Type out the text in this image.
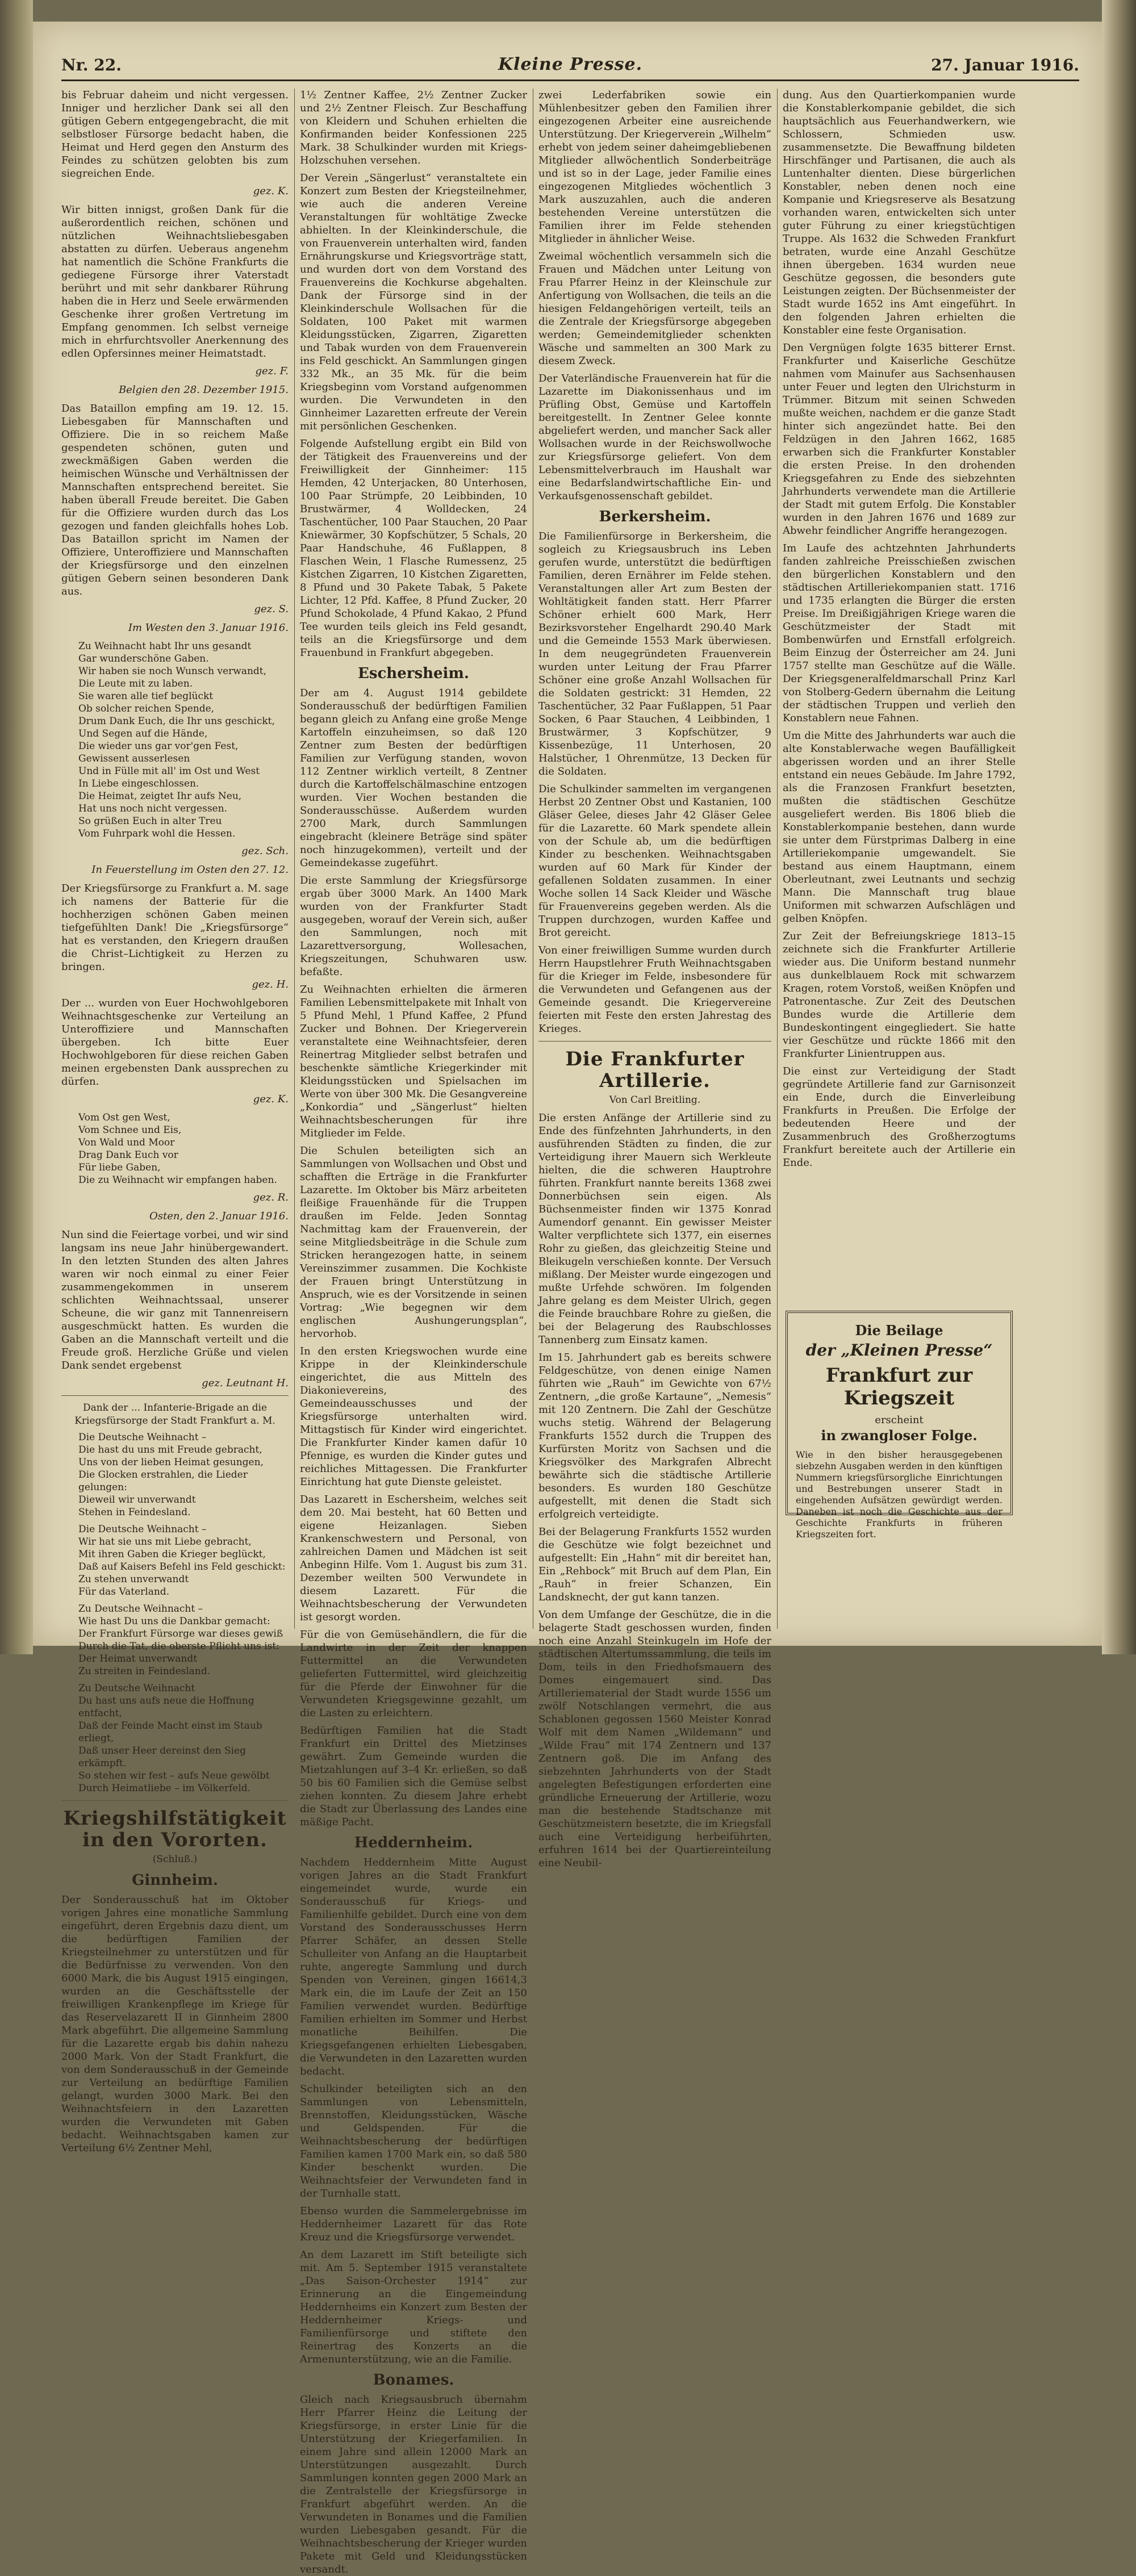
Nr. 22.	Kleine Presse.	27. Januar 1916.

bis Februar daheim und nicht vergessen. Inniger und herzlicher Dank sei all den gütigen Gebern entgegengebracht, die mit selbstloser Fürsorge bedacht haben, die Heimat und Herd gegen den Ansturm des Feindes zu schützen gelobten bis zum siegreichen Ende.

gez. K.

Wir bitten innigst, großen Dank für die außerordentlich reichen, schönen und nützlichen Weihnachtsliebesgaben abstatten zu dürfen. Ueberaus angenehm hat namentlich die Schöne Frankfurts die gediegene Fürsorge ihrer Vaterstadt berührt und mit sehr dankbarer Rührung haben die in Herz und Seele erwärmenden Geschenke ihrer großen Vertretung im Empfang genommen. Ich selbst verneige mich in ehrfurchtsvoller Anerkennung des edlen Opfersinnes meiner Heimatstadt.

gez. F.
Belgien den 28. Dezember 1915.

Das Bataillon empfing am 19. 12. 15. Liebesgaben für Mannschaften und Offiziere. Die in so reichem Maße gespendeten schönen, guten und zweckmäßigen Gaben werden die heimischen Wünsche und Verhältnissen der Mannschaften entsprechend bereitet. Sie haben überall Freude bereitet. Die Gaben für die Offiziere wurden durch das Los gezogen und fanden gleichfalls hohes Lob. Das Bataillon spricht im Namen der Offiziere, Unteroffiziere und Mannschaften der Kriegsfürsorge und den einzelnen gütigen Gebern seinen besonderen Dank aus.

gez. S.
Im Westen den 3. Januar 1916.
Zu Weihnacht habt Ihr uns gesandt
Gar wunderschöne Gaben.
Wir haben sie noch Wunsch verwandt,
Die Leute mit zu laben.
Sie waren alle tief beglückt
Ob solcher reichen Spende,
Drum Dank Euch, die Ihr uns geschickt,
Und Segen auf die Hände,
Die wieder uns gar vor'gen Fest,
Gewissent ausserlesen
Und in Fülle mit all' im Ost und West
In Liebe eingeschlossen.
Die Heimat, zeigtet Ihr aufs Neu,
Hat uns noch nicht vergessen.
So grüßen Euch in alter Treu
Vom Fuhrpark wohl die Hessen.
gez. Sch.
In Feuerstellung im Osten den 27. 12.

Der Kriegsfürsorge zu Frankfurt a. M. sage ich namens der Batterie für die hochherzigen schönen Gaben meinen tiefgefühlten Dank! Die „Kriegsfürsorge“ hat es verstanden, den Kriegern draußen die Christ–Lichtigkeit zu Herzen zu bringen.

gez. H.

Der ... wurden von Euer Hochwohlgeboren Weihnachtsgeschenke zur Verteilung an Unteroffiziere und Mannschaften übergeben. Ich bitte Euer Hochwohlgeboren für diese reichen Gaben meinen ergebensten Dank aussprechen zu dürfen.

gez. K.
Vom Ost gen West,
Vom Schnee und Eis,
Von Wald und Moor
Drag Dank Euch vor
Für liebe Gaben,
Die zu Weihnacht wir empfangen haben.
gez. R.
Osten, den 2. Januar 1916.

Nun sind die Feiertage vorbei, und wir sind langsam ins neue Jahr hinübergewandert. In den letzten Stunden des alten Jahres waren wir noch einmal zu einer Feier zusammengekommen in unserem schlichten Weihnachtssaal, unserer Scheune, die wir ganz mit Tannenreisern ausgeschmückt hatten. Es wurden die Gaben an die Mannschaft verteilt und die Freude groß. Herzliche Grüße und vielen Dank sendet ergebenst

gez. Leutnant H.
Dank der ... Infanterie-Brigade an die Kriegsfürsorge der Stadt Frankfurt a. M.
Die Deutsche Weihnacht –
Die hast du uns mit Freude gebracht,
Uns von der lieben Heimat gesungen,
Die Glocken erstrahlen, die Lieder gelungen:
Dieweil wir unverwandt
Stehen in Feindesland.
Die Deutsche Weihnacht –
Wir hat sie uns mit Liebe gebracht,
Mit ihren Gaben die Krieger beglückt,
Daß auf Kaisers Befehl ins Feld geschickt:
Zu stehen unverwandt
Für das Vaterland.
Zu Deutsche Weihnacht –
Wie hast Du uns die Dankbar gemacht:
Der Frankfurt Fürsorge war dieses gewiß
Durch die Tat, die oberste Pflicht uns ist:
Der Heimat unverwandt
Zu streiten in Feindesland.
Zu Deutsche Weihnacht
Du hast uns aufs neue die Hoffnung entfacht,
Daß der Feinde Macht einst im Staub erliegt,
Daß unser Heer dereinst den Sieg erkämpft.
So stehen wir fest – aufs Neue gewölbt
Durch Heimatliebe – im Völkerfeld.
Kriegshilfstätigkeit in den Vororten.
(Schluß.)
Ginnheim.

Der Sonderausschuß hat im Oktober vorigen Jahres eine monatliche Sammlung eingeführt, deren Ergebnis dazu dient, um die bedürftigen Familien der Kriegsteilnehmer zu unterstützen und für die Bedürfnisse zu verwenden. Von den 6000 Mark, die bis August 1915 eingingen, wurden an die Geschäftsstelle der freiwilligen Krankenpflege im Kriege für das Reservelazarett II in Ginnheim 2800 Mark abgeführt. Die allgemeine Sammlung für die Lazarette ergab bis dahin nahezu 2000 Mark. Von der Stadt Frankfurt, die von dem Sonderausschuß in der Gemeinde zur Verteilung an bedürftige Familien gelangt, wurden 3000 Mark. Bei den Weihnachtsfeiern in den Lazaretten wurden die Verwundeten mit Gaben bedacht. Weihnachtsgaben kamen zur Verteilung 6½ Zentner Mehl,

1½ Zentner Kaffee, 2½ Zentner Zucker und 2½ Zentner Fleisch. Zur Beschaffung von Kleidern und Schuhen erhielten die Konfirmanden beider Konfessionen 225 Mark. 38 Schulkinder wurden mit Kriegs-Holzschuhen versehen.

Der Verein „Sängerlust“ veranstaltete ein Konzert zum Besten der Kriegsteilnehmer, wie auch die anderen Vereine Veranstaltungen für wohltätige Zwecke abhielten. In der Kleinkinderschule, die von Frauenverein unterhalten wird, fanden Ernährungskurse und Kriegsvorträge statt, und wurden dort von dem Vorstand des Frauenvereins die Kochkurse abgehalten. Dank der Fürsorge sind in der Kleinkinderschule Wollsachen für die Soldaten, 100 Paket mit warmen Kleidungsstücken, Zigarren, Zigaretten und Tabak wurden von dem Frauenverein ins Feld geschickt. An Sammlungen gingen 332 Mk., an 35 Mk. für die beim Kriegsbeginn vom Vorstand aufgenommen wurden. Die Verwundeten in den Ginnheimer Lazaretten erfreute der Verein mit persönlichen Geschenken.

Folgende Aufstellung ergibt ein Bild von der Tätigkeit des Frauenvereins und der Freiwilligkeit der Ginnheimer: 115 Hemden, 42 Unterjacken, 80 Unterhosen, 100 Paar Strümpfe, 20 Leibbinden, 10 Brustwärmer, 4 Wolldecken, 24 Taschentücher, 100 Paar Stauchen, 20 Paar Kniewärmer, 30 Kopfschützer, 5 Schals, 20 Paar Handschuhe, 46 Fußlappen, 8 Flaschen Wein, 1 Flasche Rumessenz, 25 Kistchen Zigarren, 10 Kistchen Zigaretten, 8 Pfund und 30 Pakete Tabak, 5 Pakete Lichter, 12 Pfd. Kaffee, 8 Pfund Zucker, 20 Pfund Schokolade, 4 Pfund Kakao, 2 Pfund Tee wurden teils gleich ins Feld gesandt, teils an die Kriegsfürsorge und dem Frauenbund in Frankfurt abgegeben.

Eschersheim.

Der am 4. August 1914 gebildete Sonderausschuß der bedürftigen Familien begann gleich zu Anfang eine große Menge Kartoffeln einzuheimsen, so daß 120 Zentner zum Besten der bedürftigen Familien zur Verfügung standen, wovon 112 Zentner wirklich verteilt, 8 Zentner durch die Kartoffelschälmaschine entzogen wurden. Vier Wochen bestanden die Sonderausschüsse. Außerdem wurden 2700 Mark, durch Sammlungen eingebracht (kleinere Beträge sind später noch hinzugekommen), verteilt und der Gemeindekasse zugeführt.

Die erste Sammlung der Kriegsfürsorge ergab über 3000 Mark. An 1400 Mark wurden von der Frankfurter Stadt ausgegeben, worauf der Verein sich, außer den Sammlungen, noch mit Lazarettversorgung, Wollesachen, Kriegszeitungen, Schuhwaren usw. befaßte.

Zu Weihnachten erhielten die ärmeren Familien Lebensmittelpakete mit Inhalt von 5 Pfund Mehl, 1 Pfund Kaffee, 2 Pfund Zucker und Bohnen. Der Kriegerverein veranstaltete eine Weihnachtsfeier, deren Reinertrag Mitglieder selbst betrafen und beschenkte sämtliche Kriegerkinder mit Kleidungsstücken und Spielsachen im Werte von über 300 Mk. Die Gesangvereine „Konkordia“ und „Sängerlust“ hielten Weihnachtsbescherungen für ihre Mitglieder im Felde.

Die Schulen beteiligten sich an Sammlungen von Wollsachen und Obst und schafften die Erträge in die Frankfurter Lazarette. Im Oktober bis März arbeiteten fleißige Frauenhände für die Truppen draußen im Felde. Jeden Sonntag Nachmittag kam der Frauenverein, der seine Mitgliedsbeiträge in die Schule zum Stricken herangezogen hatte, in seinem Vereinszimmer zusammen. Die Kochkiste der Frauen bringt Unterstützung in Anspruch, wie es der Vorsitzende in seinen Vortrag: „Wie begegnen wir dem englischen Aushungerungsplan“, hervorhob.

In den ersten Kriegswochen wurde eine Krippe in der Kleinkinderschule eingerichtet, die aus Mitteln des Diakonievereins, des Gemeindeausschusses und der Kriegsfürsorge unterhalten wird. Mittagstisch für Kinder wird eingerichtet. Die Frankfurter Kinder kamen dafür 10 Pfennige, es wurden die Kinder gutes und reichliches Mittagessen. Die Frankfurter Einrichtung hat gute Dienste geleistet.

Das Lazarett in Eschersheim, welches seit dem 20. Mai besteht, hat 60 Betten und eigene Heizanlagen. Sieben Krankenschwestern und Personal, von zahlreichen Damen und Mädchen ist seit Anbeginn Hilfe. Vom 1. August bis zum 31. Dezember weilten 500 Verwundete in diesem Lazarett. Für die Weihnachtsbescherung der Verwundeten ist gesorgt worden.

Für die von Gemüsehändlern, die für die Landwirte in der Zeit der knappen Futtermittel an die Verwundeten gelieferten Futtermittel, wird gleichzeitig für die Pferde der Einwohner für die Verwundeten Kriegsgewinne gezahlt, um die Lasten zu erleichtern.

Bedürftigen Familien hat die Stadt Frankfurt ein Drittel des Mietzinses gewährt. Zum Gemeinde wurden die Mietzahlungen auf 3–4 Kr. erließen, so daß 50 bis 60 Familien sich die Gemüse selbst ziehen konnten. Zu diesem Jahre erhebt die Stadt zur Überlassung des Landes eine mäßige Pacht.

Heddernheim.

Nachdem Heddernheim Mitte August vorigen Jahres an die Stadt Frankfurt eingemeindet wurde, wurde ein Sonderausschuß für Kriegs- und Familienhilfe gebildet. Durch eine von dem Vorstand des Sonderausschusses Herrn Pfarrer Schäfer, an dessen Stelle Schulleiter von Anfang an die Hauptarbeit ruhte, angeregte Sammlung und durch Spenden von Vereinen, gingen 16614,3 Mark ein, die im Laufe der Zeit an 150 Familien verwendet wurden. Bedürftige Familien erhielten im Sommer und Herbst monatliche Beihilfen. Die Kriegsgefangenen erhielten Liebesgaben, die Verwundeten in den Lazaretten wurden bedacht.

Schulkinder beteiligten sich an den Sammlungen von Lebensmitteln, Brennstoffen, Kleidungsstücken, Wäsche und Geldspenden. Für die Weihnachtsbescherung der bedürftigen Familien kamen 1700 Mark ein, so daß 580 Kinder beschenkt wurden. Die Weihnachtsfeier der Verwundeten fand in der Turnhalle statt.

Ebenso wurden die Sammelergebnisse im Heddernheimer Lazarett für das Rote Kreuz und die Kriegsfürsorge verwendet.

An dem Lazarett im Stift beteiligte sich mit. Am 5. September 1915 veranstaltete „Das Saison-Orchester 1914“ zur Erinnerung an die Eingemeindung Heddernheims ein Konzert zum Besten der Heddernheimer Kriegs- und Familienfürsorge und stiftete den Reinertrag des Konzerts an die Armenunterstützung, wie an die Familie.

Bonames.

Gleich nach Kriegsausbruch übernahm Herr Pfarrer Heinz die Leitung der Kriegsfürsorge, in erster Linie für die Unterstützung der Kriegerfamilien. In einem Jahre sind allein 12000 Mark an Unterstützungen ausgezahlt. Durch Sammlungen konnten gegen 2000 Mark an die Zentralstelle der Kriegsfürsorge in Frankfurt abgeführt werden. An die Verwundeten in Bonames und die Familien wurden Liebesgaben gesandt. Für die Weihnachtsbescherung der Krieger wurden Pakete mit Geld und Kleidungsstücken versandt.

zwei Lederfabriken sowie ein Mühlenbesitzer geben den Familien ihrer eingezogenen Arbeiter eine ausreichende Unterstützung. Der Kriegerverein „Wilhelm“ erhebt von jedem seiner daheimgebliebenen Mitglieder allwöchentlich Sonderbeiträge und ist so in der Lage, jeder Familie eines eingezogenen Mitgliedes wöchentlich 3 Mark auszuzahlen, auch die anderen bestehenden Vereine unterstützen die Familien ihrer im Felde stehenden Mitglieder in ähnlicher Weise.

Zweimal wöchentlich versammeln sich die Frauen und Mädchen unter Leitung von Frau Pfarrer Heinz in der Kleinschule zur Anfertigung von Wollsachen, die teils an die hiesigen Feldangehörigen verteilt, teils an die Zentrale der Kriegsfürsorge abgegeben werden; Gemeindemitglieder schenkten Wäsche und sammelten an 300 Mark zu diesem Zweck.

Der Vaterländische Frauenverein hat für die Lazarette im Diakonissenhaus und im Prüfling Obst, Gemüse und Kartoffeln bereitgestellt. In Zentner Gelee konnte abgeliefert werden, und mancher Sack aller Wollsachen wurde in der Reichswollwoche zur Kriegsfürsorge geliefert. Von dem Lebensmittelverbrauch im Haushalt war eine Bedarfslandwirtschaftliche Ein- und Verkaufsgenossenschaft gebildet.

Berkersheim.

Die Familienfürsorge in Berkersheim, die sogleich zu Kriegsausbruch ins Leben gerufen wurde, unterstützt die bedürftigen Familien, deren Ernährer im Felde stehen. Veranstaltungen aller Art zum Besten der Wohltätigkeit fanden statt. Herr Pfarrer Schöner erhielt 600 Mark, Herr Bezirksvorsteher Engelhardt 290.40 Mark und die Gemeinde 1553 Mark überwiesen. In dem neugegründeten Frauenverein wurden unter Leitung der Frau Pfarrer Schöner eine große Anzahl Wollsachen für die Soldaten gestrickt: 31 Hemden, 22 Taschentücher, 32 Paar Fußlappen, 51 Paar Socken, 6 Paar Stauchen, 4 Leibbinden, 1 Brustwärmer, 3 Kopfschützer, 9 Kissenbezüge, 11 Unterhosen, 20 Halstücher, 1 Ohrenmütze, 13 Decken für die Soldaten.

Die Schulkinder sammelten im vergangenen Herbst 20 Zentner Obst und Kastanien, 100 Gläser Gelee, dieses Jahr 42 Gläser Gelee für die Lazarette. 60 Mark spendete allein von der Schule ab, um die bedürftigen Kinder zu beschenken. Weihnachtsgaben wurden auf 60 Mark für Kinder der gefallenen Soldaten zusammen. In einer Woche sollen 14 Sack Kleider und Wäsche für Frauenvereins gegeben werden. Als die Truppen durchzogen, wurden Kaffee und Brot gereicht.

Von einer freiwilligen Summe wurden durch Herrn Haupstlehrer Fruth Weihnachtsgaben für die Krieger im Felde, insbesondere für die Verwundeten und Gefangenen aus der Gemeinde gesandt. Die Kriegervereine feierten mit Feste den ersten Jahrestag des Krieges.

Die Frankfurter Artillerie.
Von Carl Breitling.

Die ersten Anfänge der Artillerie sind zu Ende des fünfzehnten Jahrhunderts, in den ausführenden Städten zu finden, die zur Verteidigung ihrer Mauern sich Werkleute hielten, die die schweren Hauptrohre führten. Frankfurt nannte bereits 1368 zwei Donnerbüchsen sein eigen. Als Büchsenmeister finden wir 1375 Konrad Aumendorf genannt. Ein gewisser Meister Walter verpflichtete sich 1377, ein eisernes Rohr zu gießen, das gleichzeitig Steine und Bleikugeln verschießen konnte. Der Versuch mißlang. Der Meister wurde eingezogen und mußte Urfehde schwören. Im folgenden Jahre gelang es dem Meister Ulrich, gegen die Feinde brauchbare Rohre zu gießen, die bei der Belagerung des Raubschlosses Tannenberg zum Einsatz kamen.

Im 15. Jahrhundert gab es bereits schwere Feldgeschütze, von denen einige Namen führten wie „Rauh“ im Gewichte von 67½ Zentnern, „die große Kartaune“, „Nemesis“ mit 120 Zentnern. Die Zahl der Geschütze wuchs stetig. Während der Belagerung Frankfurts 1552 durch die Truppen des Kurfürsten Moritz von Sachsen und die Kriegsvölker des Markgrafen Albrecht bewährte sich die städtische Artillerie besonders. Es wurden 180 Geschütze aufgestellt, mit denen die Stadt sich erfolgreich verteidigte.

Bei der Belagerung Frankfurts 1552 wurden die Geschütze wie folgt bezeichnet und aufgestellt: Ein „Hahn“ mit dir bereitet han, Ein „Rehbock“ mit Bruch auf dem Plan, Ein „Rauh“ in freier Schanzen, Ein Landsknecht, der gut kann tanzen.

Von dem Umfange der Geschütze, die in die belagerte Stadt geschossen wurden, finden noch eine Anzahl Steinkugeln im Hofe der städtischen Altertumssammlung, die teils im Dom, teils in den Friedhofsmauern des Domes eingemauert sind. Das Artilleriematerial der Stadt wurde 1556 um zwölf Notschlangen vermehrt, die aus Schablonen gegossen 1560 Meister Konrad Wolf mit dem Namen „Wildemann“ und „Wilde Frau“ mit 174 Zentnern und 137 Zentnern goß. Die im Anfang des siebzehnten Jahrhunderts von der Stadt angelegten Befestigungen erforderten eine gründliche Erneuerung der Artillerie, wozu man die bestehende Stadtschanze mit Geschützmeistern besetzte, die im Kriegsfall auch eine Verteidigung herbeiführten, erfuhren 1614 bei der Quartiereinteilung eine Neubil-

dung. Aus den Quartierkompanien wurde die Konstablerkompanie gebildet, die sich hauptsächlich aus Feuerhandwerkern, wie Schlossern, Schmieden usw. zusammensetzte. Die Bewaffnung bildeten Hirschfänger und Partisanen, die auch als Luntenhalter dienten. Diese bürgerlichen Konstabler, neben denen noch eine Kompanie und Kriegsreserve als Besatzung vorhanden waren, entwickelten sich unter guter Führung zu einer kriegstüchtigen Truppe. Als 1632 die Schweden Frankfurt betraten, wurde eine Anzahl Geschütze ihnen übergeben. 1634 wurden neue Geschütze gegossen, die besonders gute Leistungen zeigten. Der Büchsenmeister der Stadt wurde 1652 ins Amt eingeführt. In den folgenden Jahren erhielten die Konstabler eine feste Organisation.

Den Vergnügen folgte 1635 bitterer Ernst. Frankfurter und Kaiserliche Geschütze nahmen vom Mainufer aus Sachsenhausen unter Feuer und legten den Ulrichsturm in Trümmer. Bitzum mit seinen Schweden mußte weichen, nachdem er die ganze Stadt hinter sich angezündet hatte. Bei den Feldzügen in den Jahren 1662, 1685 erwarben sich die Frankfurter Konstabler die ersten Preise. In den drohenden Kriegsgefahren zu Ende des siebzehnten Jahrhunderts verwendete man die Artillerie der Stadt mit gutem Erfolg. Die Konstabler wurden in den Jahren 1676 und 1689 zur Abwehr feindlicher Angriffe herangezogen.

Im Laufe des achtzehnten Jahrhunderts fanden zahlreiche Preisschießen zwischen den bürgerlichen Konstablern und den städtischen Artilleriekompanien statt. 1716 und 1735 erlangten die Bürger die ersten Preise. Im Dreißigjährigen Kriege waren die Geschützmeister der Stadt mit Bombenwürfen und Ernstfall erfolgreich. Beim Einzug der Österreicher am 24. Juni 1757 stellte man Geschütze auf die Wälle. Der Kriegsgeneralfeldmarschall Prinz Karl von Stolberg-Gedern übernahm die Leitung der städtischen Truppen und verlieh den Konstablern neue Fahnen.

Um die Mitte des Jahrhunderts war auch die alte Konstablerwache wegen Baufälligkeit abgerissen worden und an ihrer Stelle entstand ein neues Gebäude. Im Jahre 1792, als die Franzosen Frankfurt besetzten, mußten die städtischen Geschütze ausgeliefert werden. Bis 1806 blieb die Konstablerkompanie bestehen, dann wurde sie unter dem Fürstprimas Dalberg in eine Artilleriekompanie umgewandelt. Sie bestand aus einem Hauptmann, einem Oberleutnant, zwei Leutnants und sechzig Mann. Die Mannschaft trug blaue Uniformen mit schwarzen Aufschlägen und gelben Knöpfen.

Zur Zeit der Befreiungskriege 1813–15 zeichnete sich die Frankfurter Artillerie wieder aus. Die Uniform bestand nunmehr aus dunkelblauem Rock mit schwarzem Kragen, rotem Vorstoß, weißen Knöpfen und Patronentasche. Zur Zeit des Deutschen Bundes wurde die Artillerie dem Bundeskontingent eingegliedert. Sie hatte vier Geschütze und rückte 1866 mit den Frankfurter Linientruppen aus.

Die einst zur Verteidigung der Stadt gegründete Artillerie fand zur Garnisonzeit ein Ende, durch die Einverleibung Frankfurts in Preußen. Die Erfolge der bedeutenden Heere und der Zusammenbruch des Großherzogtums Frankfurt bereitete auch der Artillerie ein Ende.

Die Beilage
der „Kleinen Presse“
Frankfurt zur Kriegszeit
erscheint
in zwangloser Folge.
Wie in den bisher herausgegebenen siebzehn Ausgaben werden in den künftigen Nummern kriegsfürsorgliche Einrichtungen und Bestrebungen unserer Stadt in eingehenden Aufsätzen gewürdigt werden. Daneben ist noch die Geschichte aus der Geschichte Frankfurts in früheren Kriegszeiten fort.
